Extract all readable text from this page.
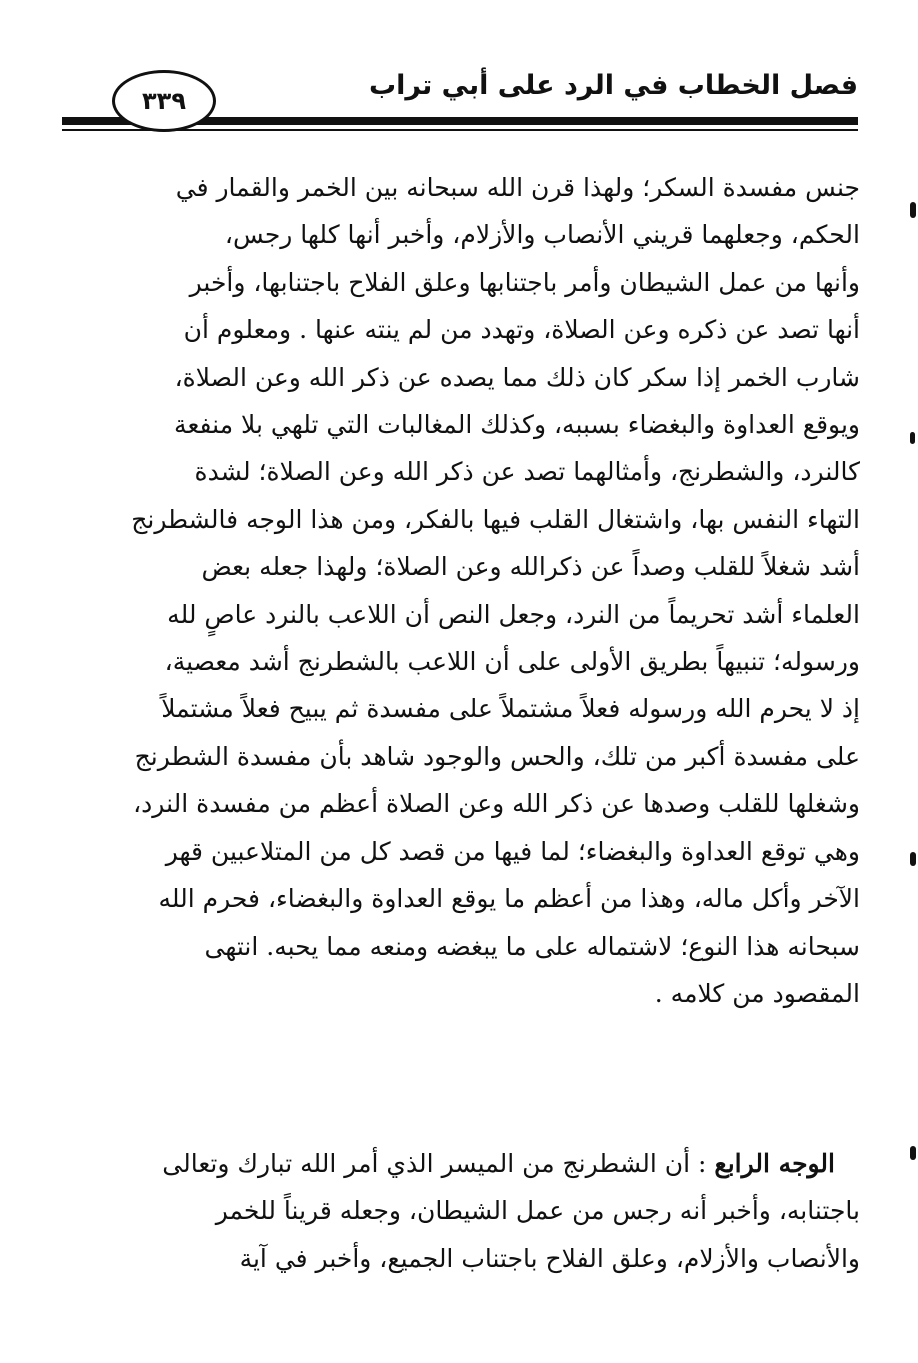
فصل الخطاب في الرد على أبي تراب
٣٣٩
جنس مفسدة السكر؛ ولهذا قرن الله سبحانه بين الخمر والقمار في
الحكم، وجعلهما قريني الأنصاب والأزلام، وأخبر أنها كلها رجس،
وأنها من عمل الشيطان وأمر باجتنابها وعلق الفلاح باجتنابها، وأخبر
أنها تصد عن ذكره وعن الصلاة، وتهدد من لم ينته عنها . ومعلوم أن
شارب الخمر إذا سكر كان ذلك مما يصده عن ذكر الله وعن الصلاة،
ويوقع العداوة والبغضاء بسببه، وكذلك المغالبات التي تلهي بلا منفعة
كالنرد، والشطرنج، وأمثالهما تصد عن ذكر الله وعن الصلاة؛ لشدة
التهاء النفس بها، واشتغال القلب فيها بالفكر، ومن هذا الوجه فالشطرنج
أشد شغلاً للقلب وصداً عن ذكرالله وعن الصلاة؛ ولهذا جعله بعض
العلماء أشد تحريماً من النرد، وجعل النص أن اللاعب بالنرد عاصٍ لله
ورسوله؛ تنبيهاً بطريق الأولى على أن اللاعب بالشطرنج أشد معصية،
إذ لا يحرم الله ورسوله فعلاً مشتملاً على مفسدة ثم يبيح فعلاً مشتملاً
على مفسدة أكبر من تلك، والحس والوجود شاهد بأن مفسدة الشطرنج
وشغلها للقلب وصدها عن ذكر الله وعن الصلاة أعظم من مفسدة النرد،
وهي توقع العداوة والبغضاء؛ لما فيها من قصد كل من المتلاعبين قهر
الآخر وأكل ماله، وهذا من أعظم ما يوقع العداوة والبغضاء، فحرم الله
سبحانه هذا النوع؛ لاشتماله على ما يبغضه ومنعه مما يحبه. انتهى
المقصود من كلامه .
 الوجه الرابع : أن الشطرنج من الميسر الذي أمر الله تبارك وتعالى
باجتنابه، وأخبر أنه رجس من عمل الشيطان، وجعله قريناً للخمر
والأنصاب والأزلام، وعلق الفلاح باجتناب الجميع، وأخبر في آية
